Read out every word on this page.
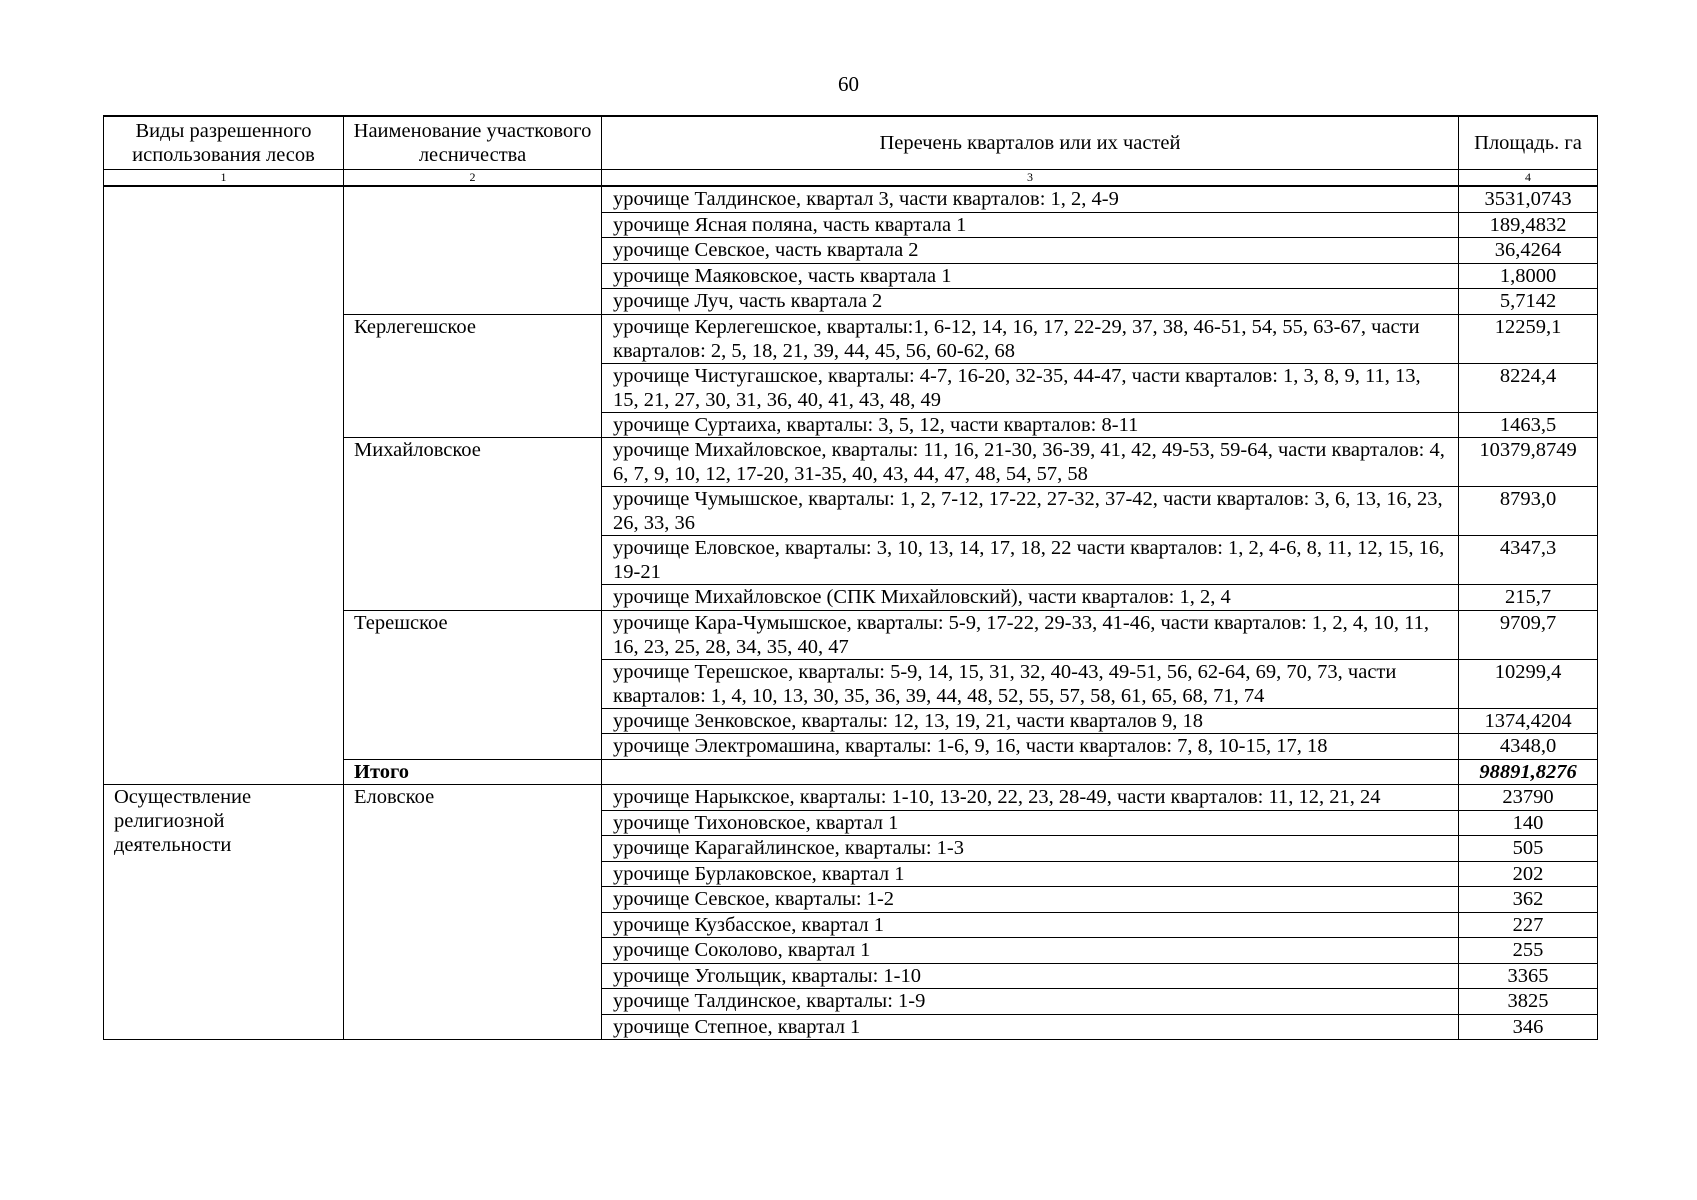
60
Виды разрешенного использования лесов	Наименование участкового лесничества	Перечень кварталов или их частей	Площадь. га
1	2	3	4
		урочище Талдинское, квартал 3, части кварталов: 1, 2, 4-9	3531,0743
		урочище Ясная поляна, часть квартала 1	189,4832
		урочище Севское, часть квартала 2	36,4264
		урочище Маяковское, часть квартала 1	1,8000
		урочище Луч, часть квартала 2	5,7142
	Керлегешское	урочище Керлегешское, кварталы:1, 6-12, 14, 16, 17, 22-29, 37, 38, 46-51, 54, 55, 63-67, части кварталов: 2, 5, 18, 21, 39, 44, 45, 56, 60-62, 68	12259,1
		урочище Чистугашское, кварталы: 4-7, 16-20, 32-35, 44-47, части кварталов: 1, 3, 8, 9, 11, 13, 15, 21, 27, 30, 31, 36, 40, 41, 43, 48, 49	8224,4
		урочище Суртаиха, кварталы: 3, 5, 12, части кварталов: 8-11	1463,5
	Михайловское	урочище Михайловское, кварталы: 11, 16, 21-30, 36-39, 41, 42, 49-53, 59-64, части кварталов: 4, 6, 7, 9, 10, 12, 17-20, 31-35, 40, 43, 44, 47, 48, 54, 57, 58	10379,8749
		урочище Чумышское, кварталы: 1, 2, 7-12, 17-22, 27-32, 37-42, части кварталов: 3, 6, 13, 16, 23, 26, 33, 36	8793,0
		урочище Еловское, кварталы: 3, 10, 13, 14, 17, 18, 22 части кварталов: 1, 2, 4-6, 8, 11, 12, 15, 16, 19-21	4347,3
		урочище Михайловское (СПК Михайловский), части кварталов: 1, 2, 4	215,7
	Терешское	урочище Кара-Чумышское, кварталы: 5-9, 17-22, 29-33, 41-46, части кварталов: 1, 2, 4, 10, 11, 16, 23, 25, 28, 34, 35, 40, 47	9709,7
		урочище Терешское, кварталы: 5-9, 14, 15, 31, 32, 40-43, 49-51, 56, 62-64, 69, 70, 73, части кварталов: 1, 4, 10, 13, 30, 35, 36, 39, 44, 48, 52, 55, 57, 58, 61, 65, 68, 71, 74	10299,4
		урочище Зенковское, кварталы: 12, 13, 19, 21, части кварталов 9, 18	1374,4204
		урочище Электромашина, кварталы: 1-6, 9, 16, части кварталов: 7, 8, 10-15, 17, 18	4348,0
	Итого		98891,8276
Осуществление религиозной деятельности	Еловское	урочище Нарыкское, кварталы: 1-10, 13-20, 22, 23, 28-49, части кварталов: 11, 12, 21, 24	23790
		урочище Тихоновское, квартал 1	140
		урочище Карагайлинское, кварталы: 1-3	505
		урочище Бурлаковское, квартал 1	202
		урочище Севское, кварталы: 1-2	362
		урочище Кузбасское, квартал 1	227
		урочище Соколово, квартал 1	255
		урочище Угольщик, кварталы: 1-10	3365
		урочище Талдинское, кварталы: 1-9	3825
		урочище Степное, квартал 1	346
